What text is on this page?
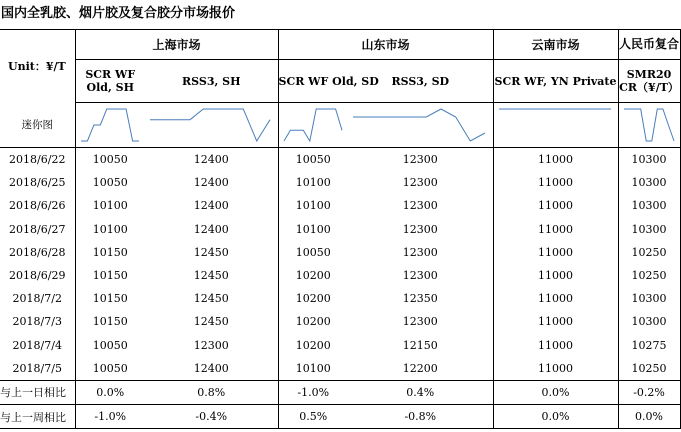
国内全乳胶、烟片胶及复合胶分市场报价
Unit：¥/T	上海市场		山东市场		云南市场	人民币复合
	SCR WF Old, SH	RSS3, SH	SCR WF Old, SD	RSS3, SD	SCR WF, YN Private	SMR20 CR（¥/T）
迷你图	

2018/6/22	10050	12400	10050	12300	11000	10300
2018/6/25	10050	12400	10100	12300	11000	10300
2018/6/26	10100	12400	10100	12300	11000	10300
2018/6/27	10100	12400	10100	12300	11000	10300
2018/6/28	10150	12450	10050	12300	11000	10250
2018/6/29	10150	12450	10200	12300	11000	10250
2018/7/2	10150	12450	10200	12350	11000	10300
2018/7/3	10150	12450	10200	12300	11000	10300
2018/7/4	10050	12300	10200	12150	11000	10275
2018/7/5	10050	12400	10100	12200	11000	10250
与上一日相比	0.0%	0.8%	-1.0%	0.4%	0.0%	-0.2%
与上一周相比	-1.0%	-0.4%	0.5%	-0.8%	0.0%	0.0%
